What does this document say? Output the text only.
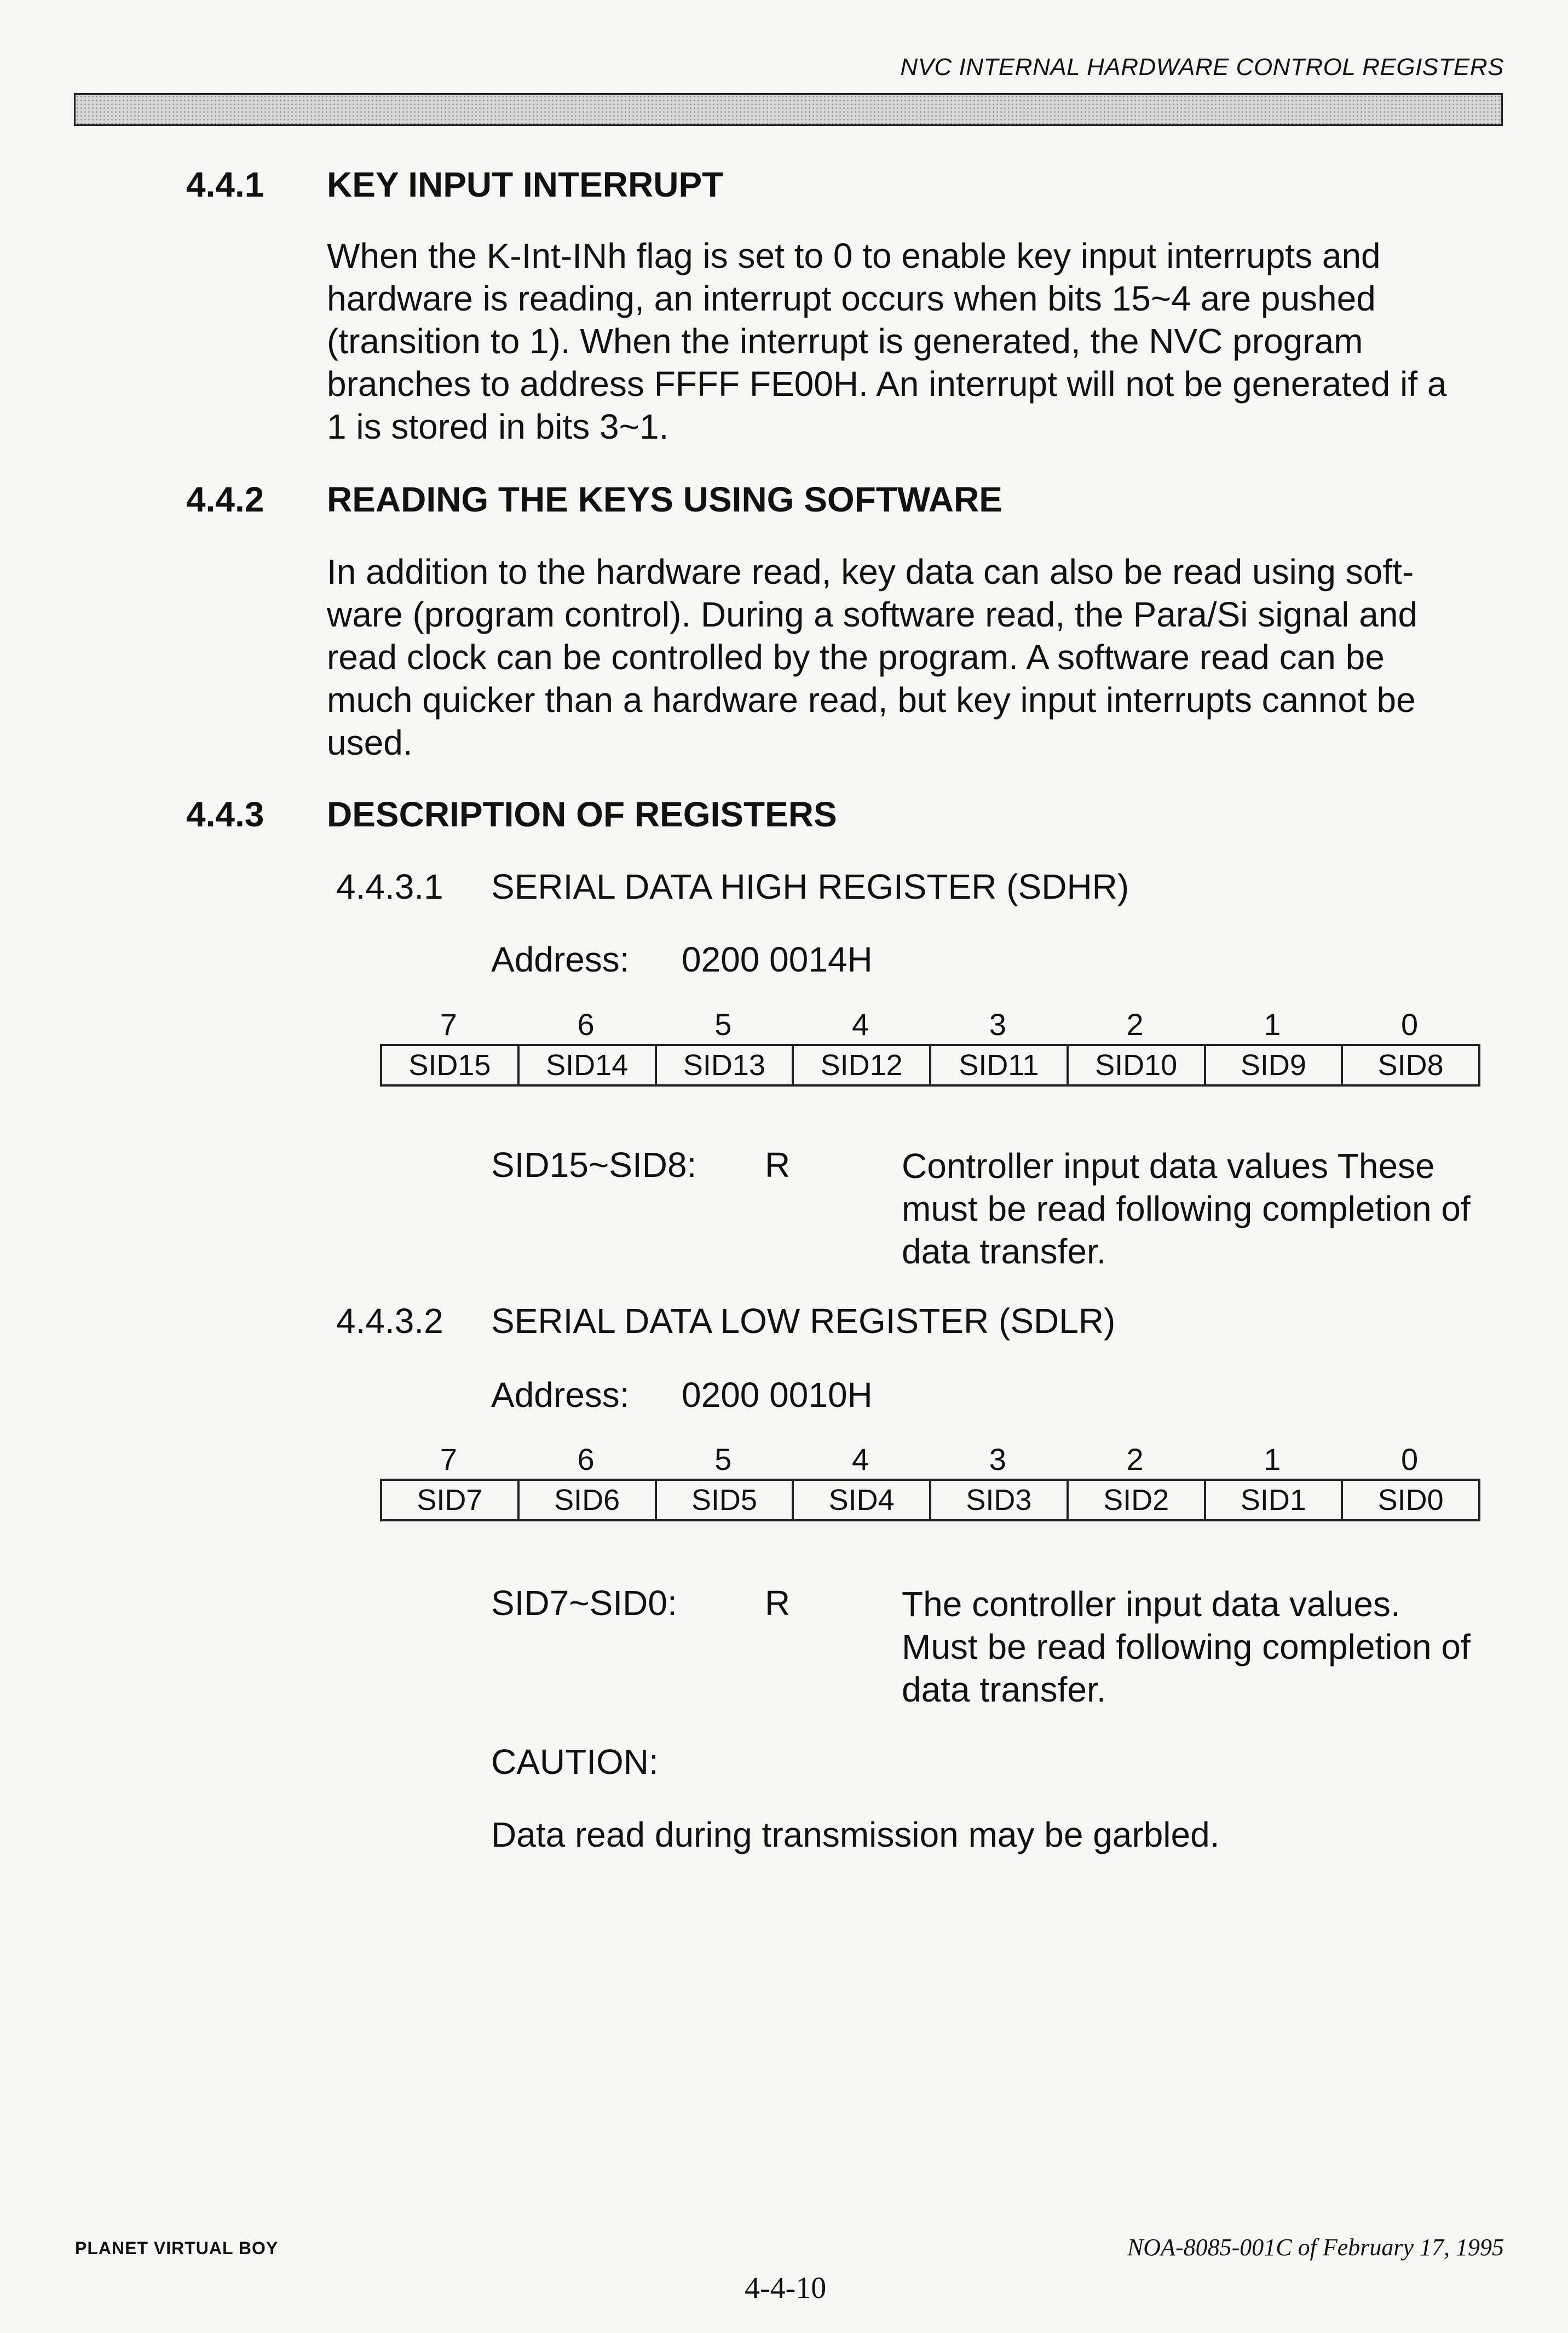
NVC INTERNAL HARDWARE CONTROL REGISTERS
4.4.1 KEY INPUT INTERRUPT

When the K-Int-INh flag is set to 0 to enable key input interrupts and

hardware is reading, an interrupt occurs when bits 15~4 are pushed

(transition to 1). When the interrupt is generated, the NVC program

branches to address FFFF FE00H. An interrupt will not be generated if a

1 is stored in bits 3~1.

4.4.2 READING THE KEYS USING SOFTWARE

In addition to the hardware read, key data can also be read using soft-

ware (program control). During a software read, the Para/Si signal and

read clock can be controlled by the program. A software read can be

much quicker than a hardware read, but key input interrupts cannot be

used.

4.4.3 DESCRIPTION OF REGISTERS
4.4.3.1 SERIAL DATA HIGH REGISTER (SDHR)
Address: 0200 0014H
7	6	5	4	3	2	1	0
SID15	SID14	SID13	SID12	SID11	SID10	SID9	SID8
SID15~SID8: R	Controller input data values These

must be read following completion of

data transfer.

4.4.3.2 SERIAL DATA LOW REGISTER (SDLR)
Address: 0200 0010H
7	6	5	4	3	2	1	0
SID7	SID6	SID5	SID4	SID3	SID2	SID1	SID0
SID7~SID0:	R	The controller input data values.

Must be read following completion of

data transfer.

CAUTION:
Data read during transmission may be garbled.
PLANET VIRTUAL BOY	NOA-8085-001C of February 17, 1995
4-4-10
